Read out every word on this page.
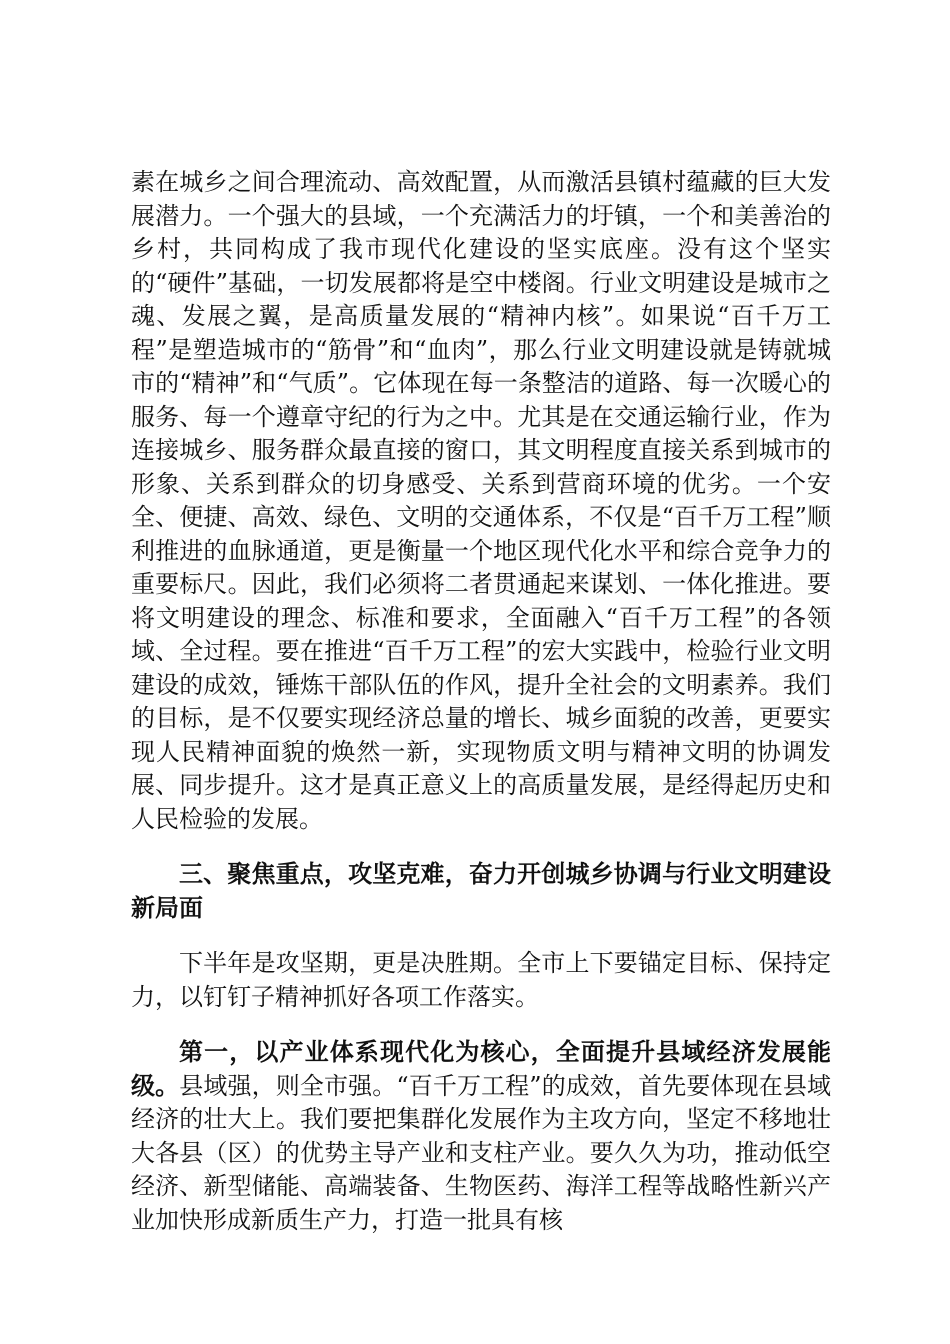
素在城乡之间合理流动、高效配置，从而激活县镇村蕴藏的巨大发展潜力。一个强大的县域，一个充满活力的圩镇，一个和美善治的乡村，共同构成了我市现代化建设的坚实底座。没有这个坚实的“硬件”基础，一切发展都将是空中楼阁。行业文明建设是城市之魂、发展之翼，是高质量发展的“精神内核”。如果说“百千万工程”是塑造城市的“筋骨”和“血肉”，那么行业文明建设就是铸就城市的“精神”和“气质”。它体现在每一条整洁的道路、每一次暖心的服务、每一个遵章守纪的行为之中。尤其是在交通运输行业，作为连接城乡、服务群众最直接的窗口，其文明程度直接关系到城市的形象、关系到群众的切身感受、关系到营商环境的优劣。一个安全、便捷、高效、绿色、文明的交通体系，不仅是“百千万工程”顺利推进的血脉通道，更是衡量一个地区现代化水平和综合竞争力的重要标尺。因此，我们必须将二者贯通起来谋划、一体化推进。要将文明建设的理念、标准和要求，全面融入“百千万工程”的各领域、全过程。要在推进“百千万工程”的宏大实践中，检验行业文明建设的成效，锤炼干部队伍的作风，提升全社会的文明素养。我们的目标，是不仅要实现经济总量的增长、城乡面貌的改善，更要实现人民精神面貌的焕然一新，实现物质文明与精神文明的协调发展、同步提升。这才是真正意义上的高质量发展，是经得起历史和人民检验的发展。

三、聚焦重点，攻坚克难，奋力开创城乡协调与行业文明建设新局面

下半年是攻坚期，更是决胜期。全市上下要锚定目标、保持定力，以钉钉子精神抓好各项工作落实。

第一，以产业体系现代化为核心，全面提升县域经济发展能级。县域强，则全市强。“百千万工程”的成效，首先要体现在县域经济的壮大上。我们要把集群化发展作为主攻方向，坚定不移地壮大各县（区）的优势主导产业和支柱产业。要久久为功，推动低空经济、新型储能、高端装备、生物医药、海洋工程等战略性新兴产业加快形成新质生产力，打造一批具有核
